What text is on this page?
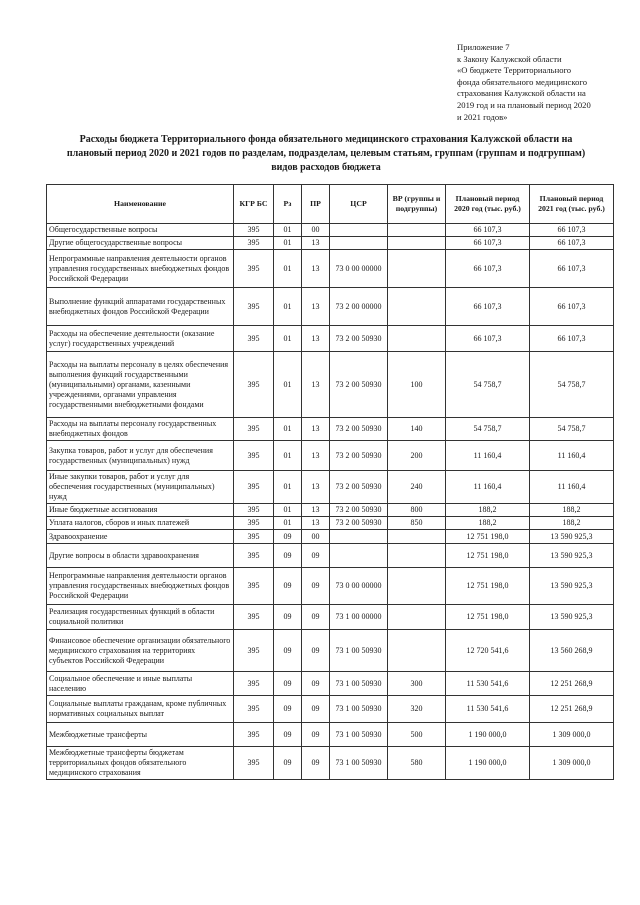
Приложение 7
к Закону Калужской области
«О бюджете Территориального
фонда обязательного медицинского
страхования Калужской области на
2019 год и на плановый период 2020
и 2021 годов»
Расходы бюджета Территориального фонда обязательного медицинского страхования Калужской области на
плановый период 2020 и 2021 годов по разделам, подразделам, целевым статьям, группам (группам и подгруппам)
видов расходов бюджета
Наименование	КГР БС	Рз	ПР	ЦСР	ВР (группы и подгруппы)	Плановый период 2020 год (тыс. руб.)	Плановый период 2021 год (тыс. руб.)
Общегосударственные вопросы	395	01	00			66 107,3	66 107,3
Другие общегосударственные вопросы	395	01	13			66 107,3	66 107,3
Непрограммные направления деятельности органов управления государственных внебюджетных фондов Российской Федерации	395	01	13	73 0 00 00000		66 107,3	66 107,3
Выполнение функций аппаратами государственных внебюджетных фондов Российской Федерации	395	01	13	73 2 00 00000		66 107,3	66 107,3
Расходы на обеспечение деятельности (оказание услуг) государственных учреждений	395	01	13	73 2 00 50930		66 107,3	66 107,3
Расходы на выплаты персоналу в целях обеспечения выполнения функций государственными (муниципальными) органами, казенными учреждениями, органами управления государственными внебюджетными фондами	395	01	13	73 2 00 50930	100	54 758,7	54 758,7
Расходы на выплаты персоналу государственных внебюджетных фондов	395	01	13	73 2 00 50930	140	54 758,7	54 758,7
Закупка товаров, работ и услуг для обеспечения государственных (муниципальных) нужд	395	01	13	73 2 00 50930	200	11 160,4	11 160,4
Иные закупки товаров, работ и услуг для обеспечения государственных (муниципальных) нужд	395	01	13	73 2 00 50930	240	11 160,4	11 160,4
Иные бюджетные ассигнования	395	01	13	73 2 00 50930	800	188,2	188,2
Уплата налогов, сборов и иных платежей	395	01	13	73 2 00 50930	850	188,2	188,2
Здравоохранение	395	09	00			12 751 198,0	13 590 925,3
Другие вопросы в области здравоохранения	395	09	09			12 751 198,0	13 590 925,3
Непрограммные направления деятельности органов управления государственных внебюджетных фондов Российской Федерации	395	09	09	73 0 00 00000		12 751 198,0	13 590 925,3
Реализация государственных функций в области социальной политики	395	09	09	73 1 00 00000		12 751 198,0	13 590 925,3
Финансовое обеспечение организации обязательного медицинского страхования на территориях субъектов Российской Федерации	395	09	09	73 1 00 50930		12 720 541,6	13 560 268,9
Социальное обеспечение и иные выплаты населению	395	09	09	73 1 00 50930	300	11 530 541,6	12 251 268,9
Социальные выплаты гражданам, кроме публичных нормативных социальных выплат	395	09	09	73 1 00 50930	320	11 530 541,6	12 251 268,9
Межбюджетные трансферты	395	09	09	73 1 00 50930	500	1 190 000,0	1 309 000,0
Межбюджетные трансферты бюджетам территориальных фондов обязательного медицинского страхования	395	09	09	73 1 00 50930	580	1 190 000,0	1 309 000,0
